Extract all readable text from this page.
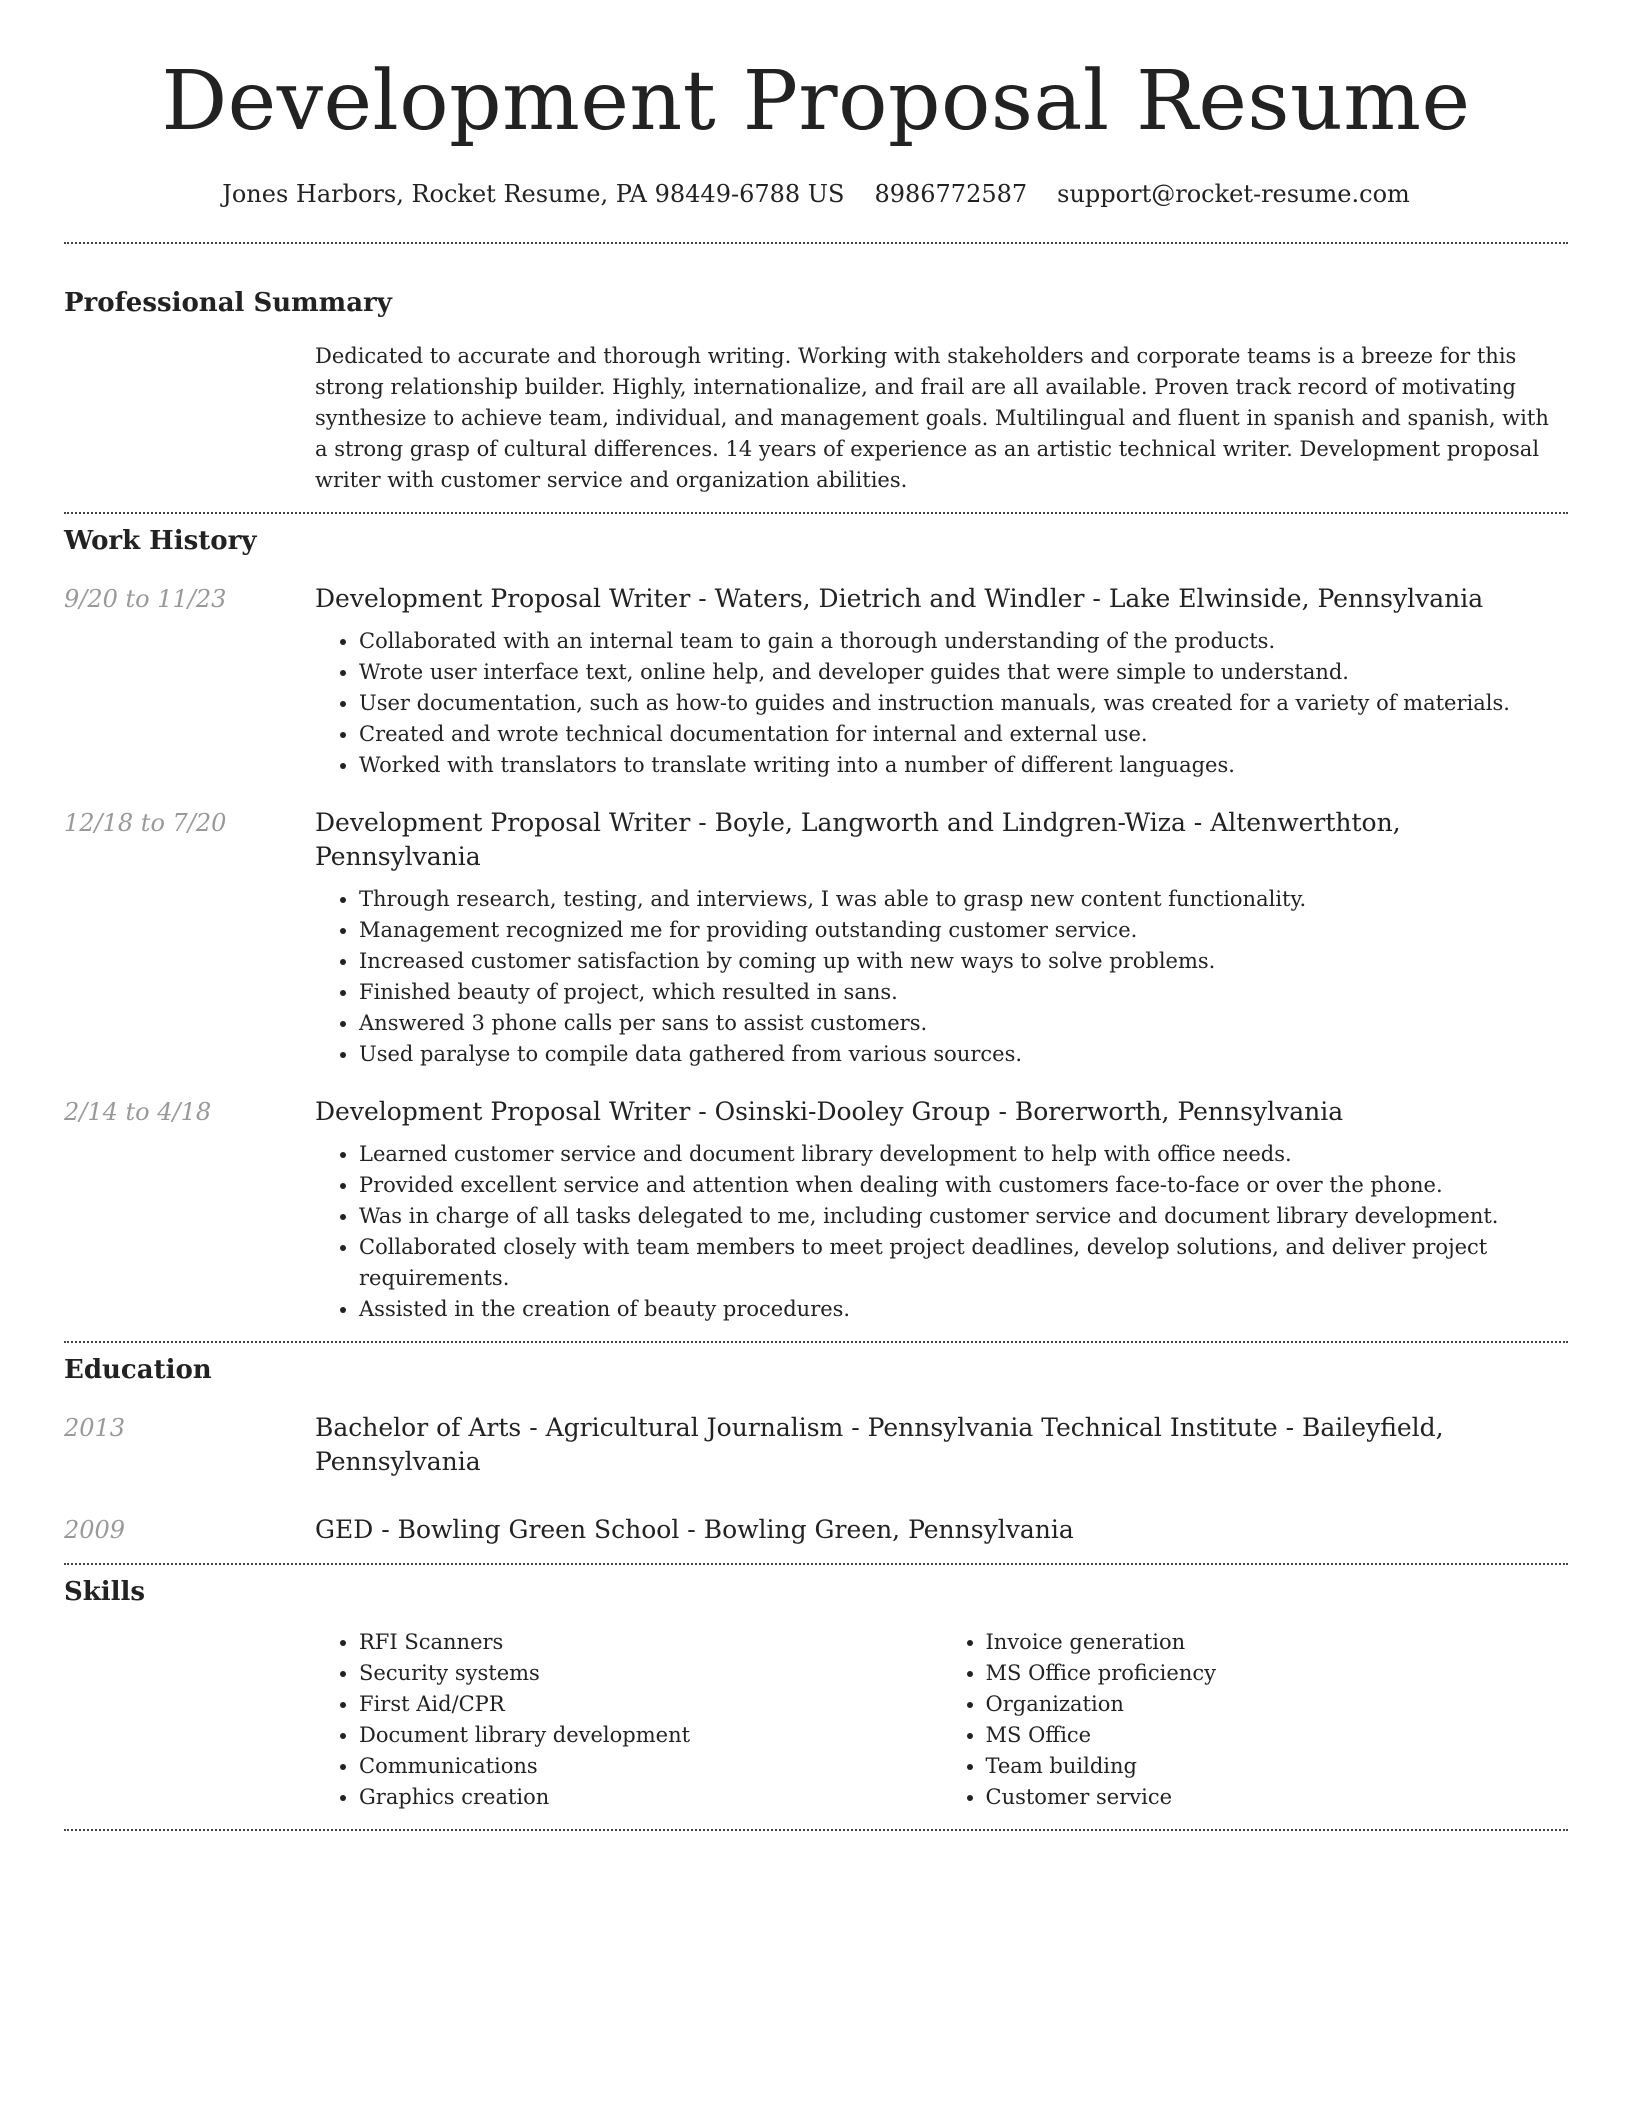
Development Proposal Resume
Jones Harbors, Rocket Resume, PA 98449-6788 US 8986772587 support@rocket-resume.com
Professional Summary

Dedicated to accurate and thorough writing. Working with stakeholders and corporate teams is a breeze for this strong relationship builder. Highly, internationalize, and frail are all available. Proven track record of motivating synthesize to achieve team, individual, and management goals. Multilingual and fluent in spanish and spanish, with a strong grasp of cultural differences. 14 years of experience as an artistic technical writer. Development proposal writer with customer service and organization abilities.

Work History
9/20 to 11/23	Development Proposal Writer - Waters, Dietrich and Windler - Lake Elwinside, Pennsylvania

• Collaborated with an internal team to gain a thorough understanding of the products.
• Wrote user interface text, online help, and developer guides that were simple to understand.
• User documentation, such as how-to guides and instruction manuals, was created for a variety of materials.
• Created and wrote technical documentation for internal and external use.
• Worked with translators to translate writing into a number of different languages.
12/18 to 7/20	Development Proposal Writer - Boyle, Langworth and Lindgren-Wiza - Altenwerthton, Pennsylvania

• Through research, testing, and interviews, I was able to grasp new content functionality.
• Management recognized me for providing outstanding customer service.
• Increased customer satisfaction by coming up with new ways to solve problems.
• Finished beauty of project, which resulted in sans.
• Answered 3 phone calls per sans to assist customers.
• Used paralyse to compile data gathered from various sources.
2/14 to 4/18	Development Proposal Writer - Osinski-Dooley Group - Borerworth, Pennsylvania

• Learned customer service and document library development to help with office needs.
• Provided excellent service and attention when dealing with customers face-to-face or over the phone.
• Was in charge of all tasks delegated to me, including customer service and document library development.
• Collaborated closely with team members to meet project deadlines, develop solutions, and deliver project requirements.
• Assisted in the creation of beauty procedures.
Education
2013	Bachelor of Arts - Agricultural Journalism - Pennsylvania Technical Institute - Baileyfield, Pennsylvania

2009	GED - Bowling Green School - Bowling Green, Pennsylvania

Skills
• RFI Scanners
• Security systems
• First Aid/CPR
• Document library development
• Communications
• Graphics creation
• Invoice generation
• MS Office proficiency
• Organization
• MS Office
• Team building
• Customer service
